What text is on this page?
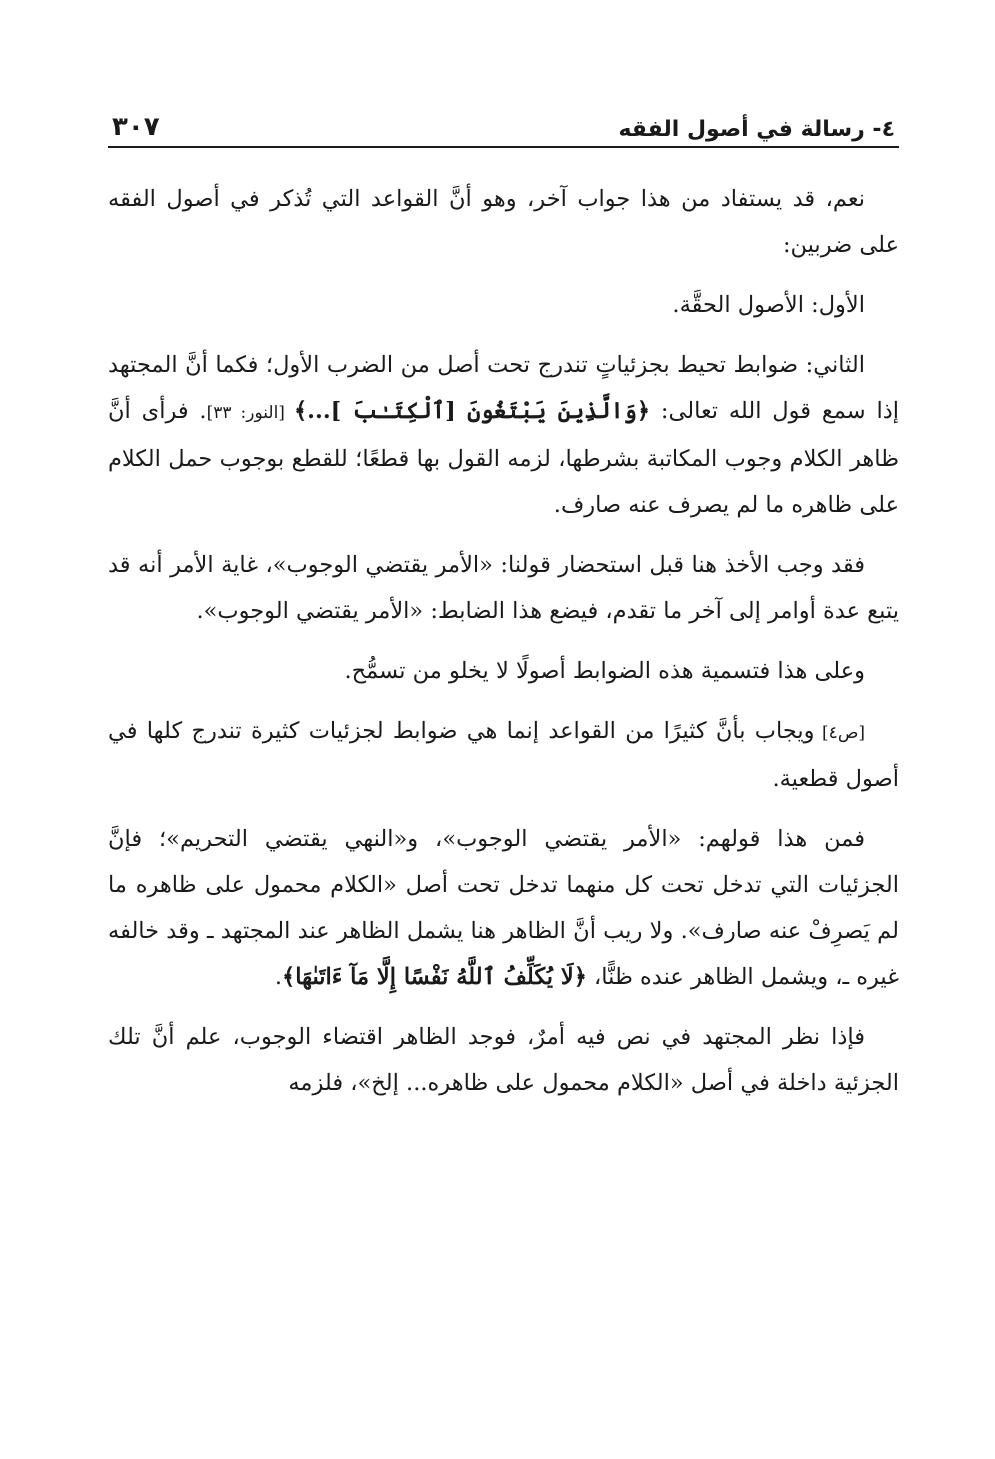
٤- رسالة في أصول الفقه
٣٠٧

نعم، قد يستفاد من هذا جواب آخر، وهو أنَّ القواعد التي تُذكر في أصول الفقه على ضربين:

الأول: الأصول الحقَّة.

الثاني: ضوابط تحيط بجزئياتٍ تندرج تحت أصل من الضرب الأول؛ فكما أنَّ المجتهد إذا سمع قول الله تعالى: ﴿وَالَّذِينَ يَبْتَغُونَ [ٱلْكِتَـٰبَ ]...﴾ [النور: ٣٣]. فرأى أنَّ ظاهر الكلام وجوب المكاتبة بشرطها، لزمه القول بها قطعًا؛ للقطع بوجوب حمل الكلام على ظاهره ما لم يصرف عنه صارف.

فقد وجب الأخذ هنا قبل استحضار قولنا: «الأمر يقتضي الوجوب»، غاية الأمر أنه قد يتبع عدة أوامر إلى آخر ما تقدم، فيضع هذا الضابط: «الأمر يقتضي الوجوب».

وعلى هذا فتسمية هذه الضوابط أصولًا لا يخلو من تسمُّح.

[ص٤] ويجاب بأنَّ كثيرًا من القواعد إنما هي ضوابط لجزئيات كثيرة تندرج كلها في أصول قطعية.

فمن هذا قولهم: «الأمر يقتضي الوجوب»، و«النهي يقتضي التحريم»؛ فإنَّ الجزئيات التي تدخل تحت كل منهما تدخل تحت أصل «الكلام محمول على ظاهره ما لم يَصرِفْ عنه صارف». ولا ريب أنَّ الظاهر هنا يشمل الظاهر عند المجتهد ـ وقد خالفه غيره ـ، ويشمل الظاهر عنده ظنًّا، ﴿لَا يُكَلِّفُ ٱللَّهُ نَفْسًا إِلَّا مَآ ءَاتَىٰهَا﴾.

فإذا نظر المجتهد في نص فيه أمرٌ، فوجد الظاهر اقتضاء الوجوب، علم أنَّ تلك الجزئية داخلة في أصل «الكلام محمول على ظاهره... إلخ»، فلزمه
